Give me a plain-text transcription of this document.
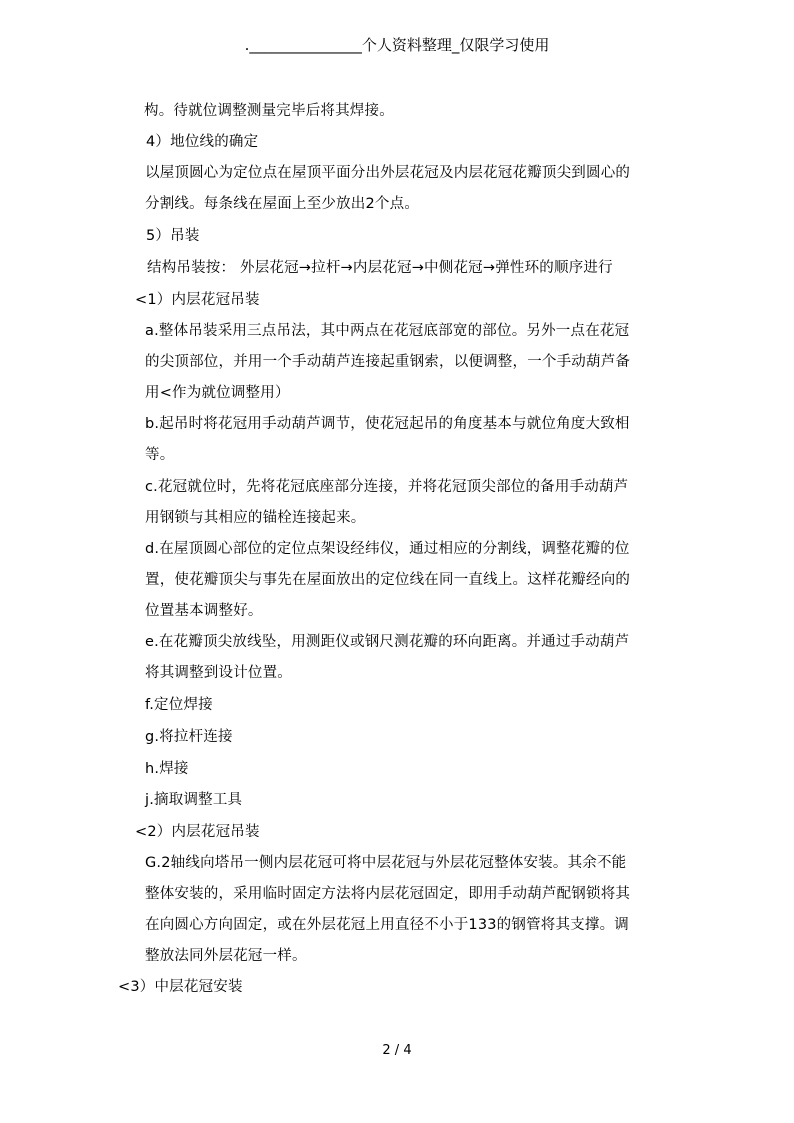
._______________个人资料整理_仅限学习使用
构。待就位调整测量完毕后将其焊接。
4）地位线的确定
以屋顶圆心为定位点在屋顶平面分出外层花冠及内层花冠花瓣顶尖到圆心的
分割线。每条线在屋面上至少放出2个点。
5）吊装
结构吊装按： 外层花冠→拉杆→内层花冠→中侧花冠→弹性环的顺序进行
<1）内层花冠吊装
a.整体吊装采用三点吊法，其中两点在花冠底部宽的部位。另外一点在花冠
的尖顶部位，并用一个手动葫芦连接起重钢索，以便调整，一个手动葫芦备
用<作为就位调整用）
b.起吊时将花冠用手动葫芦调节，使花冠起吊的角度基本与就位角度大致相
等。
c.花冠就位时，先将花冠底座部分连接，并将花冠顶尖部位的备用手动葫芦
用钢锁与其相应的锚栓连接起来。
d.在屋顶圆心部位的定位点架设经纬仪，通过相应的分割线，调整花瓣的位
置，使花瓣顶尖与事先在屋面放出的定位线在同一直线上。这样花瓣经向的
位置基本调整好。
e.在花瓣顶尖放线坠，用测距仪或钢尺测花瓣的环向距离。并通过手动葫芦
将其调整到设计位置。
f.定位焊接
g.将拉杆连接
h.焊接
j.摘取调整工具
<2）内层花冠吊装
G.2轴线向塔吊一侧内层花冠可将中层花冠与外层花冠整体安装。其余不能
整体安装的，采用临时固定方法将内层花冠固定，即用手动葫芦配钢锁将其
在向圆心方向固定，或在外层花冠上用直径不小于133的钢管将其支撑。调
整放法同外层花冠一样。
<3）中层花冠安装
2 / 4
